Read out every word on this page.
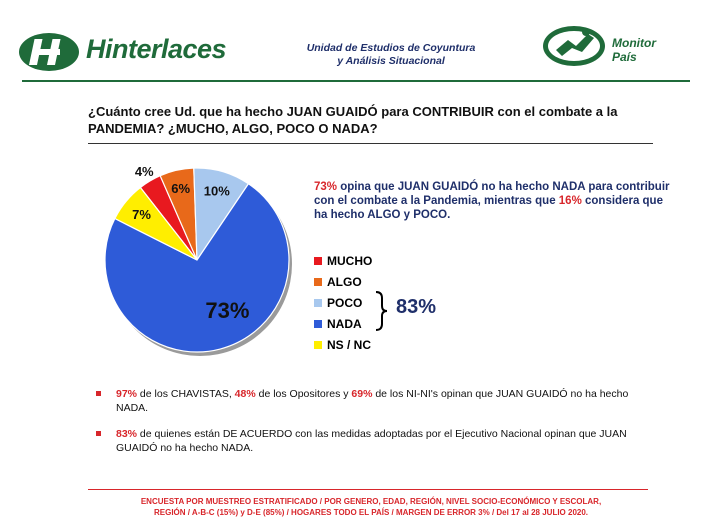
Hinterlaces	Unidad de Estudios de Coyuntura
y Análisis Situacional
Monitor
País
¿Cuánto cree Ud. que ha hecho JUAN GUAIDÓ para CONTRIBUIR con el combate a la PANDEMIA? ¿MUCHO, ALGO, POCO O NADA?
4%
6% 10%
73%
7%
73% opina que JUAN GUAIDÓ no ha hecho NADA para contribuir con el combate a la Pandemia, mientras que 16% considera que ha hecho ALGO y POCO.
MUCHO
ALGO
POCO
NADA
NS / NC
83%
97% de los CHAVISTAS, 48% de los Opositores y 69% de los NI-NI's opinan que JUAN GUAIDÓ no ha hecho NADA.
83% de quienes están DE ACUERDO con las medidas adoptadas por el Ejecutivo Nacional opinan que JUAN GUAIDÓ no ha hecho NADA.
ENCUESTA POR MUESTREO ESTRATIFICADO / POR GENERO, EDAD, REGIÓN, NIVEL SOCIO-ECONÓMICO Y ESCOLAR,
REGIÓN / A-B-C (15%) y D-E (85%) / HOGARES TODO EL PAÍS / MARGEN DE ERROR 3% / Del 17 al 28 JULIO 2020.
